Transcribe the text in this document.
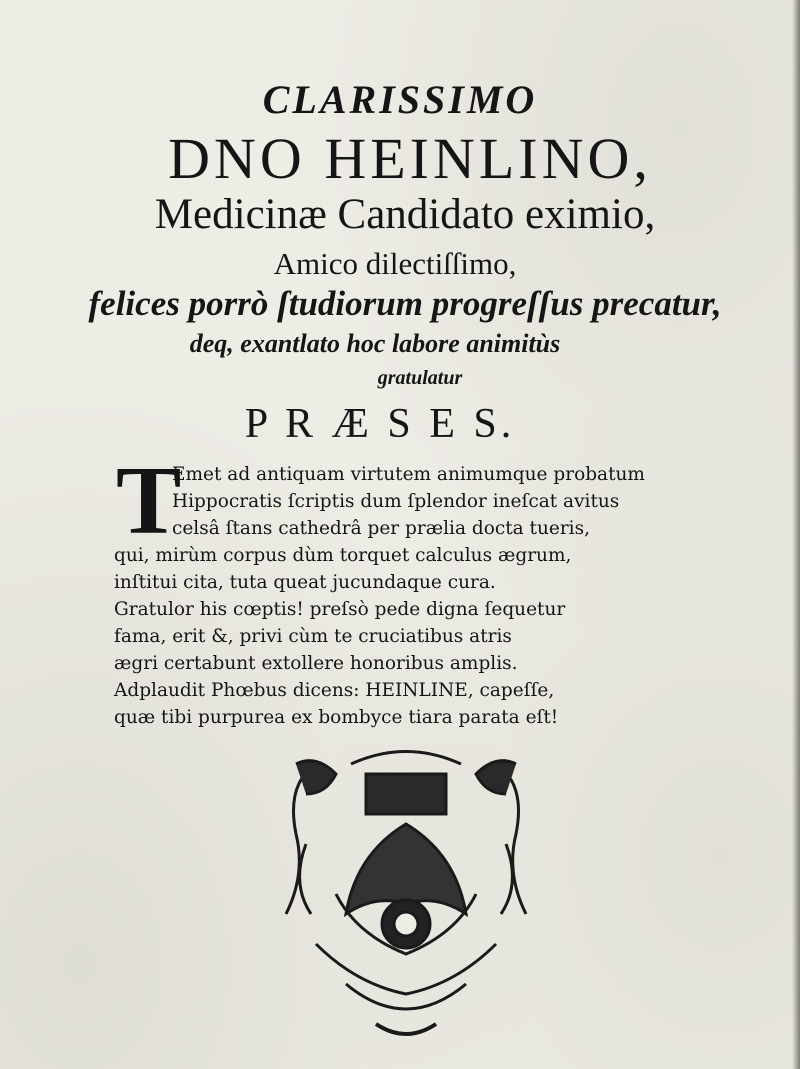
CLARISSIMO
DNO HEINLINO,
Medicinæ Candidato eximio,
Amico dilectiſſimo,
felices porrò ſtudiorum progreſſus precatur,
deq, exantlato hoc labore animitùs
gratulatur
P R Æ S E S.
T
Emet ad antiquam virtutem animumque probatum
Hippocratis ſcriptis dum ſplendor ineſcat avitus
celsâ ſtans cathedrâ per prælia docta tueris,
qui, mirùm corpus dùm torquet calculus ægrum,
inſtitui cita, tuta queat jucundaque cura.
Gratulor his cœptis! preſsò pede digna ſequetur
fama, erit &, privi cùm te cruciatibus atris
ægri certabunt extollere honoribus amplis.
Adplaudit Phœbus dicens: HEINLINE, capeſſe,
quæ tibi purpurea ex bombyce tiara parata eſt!
